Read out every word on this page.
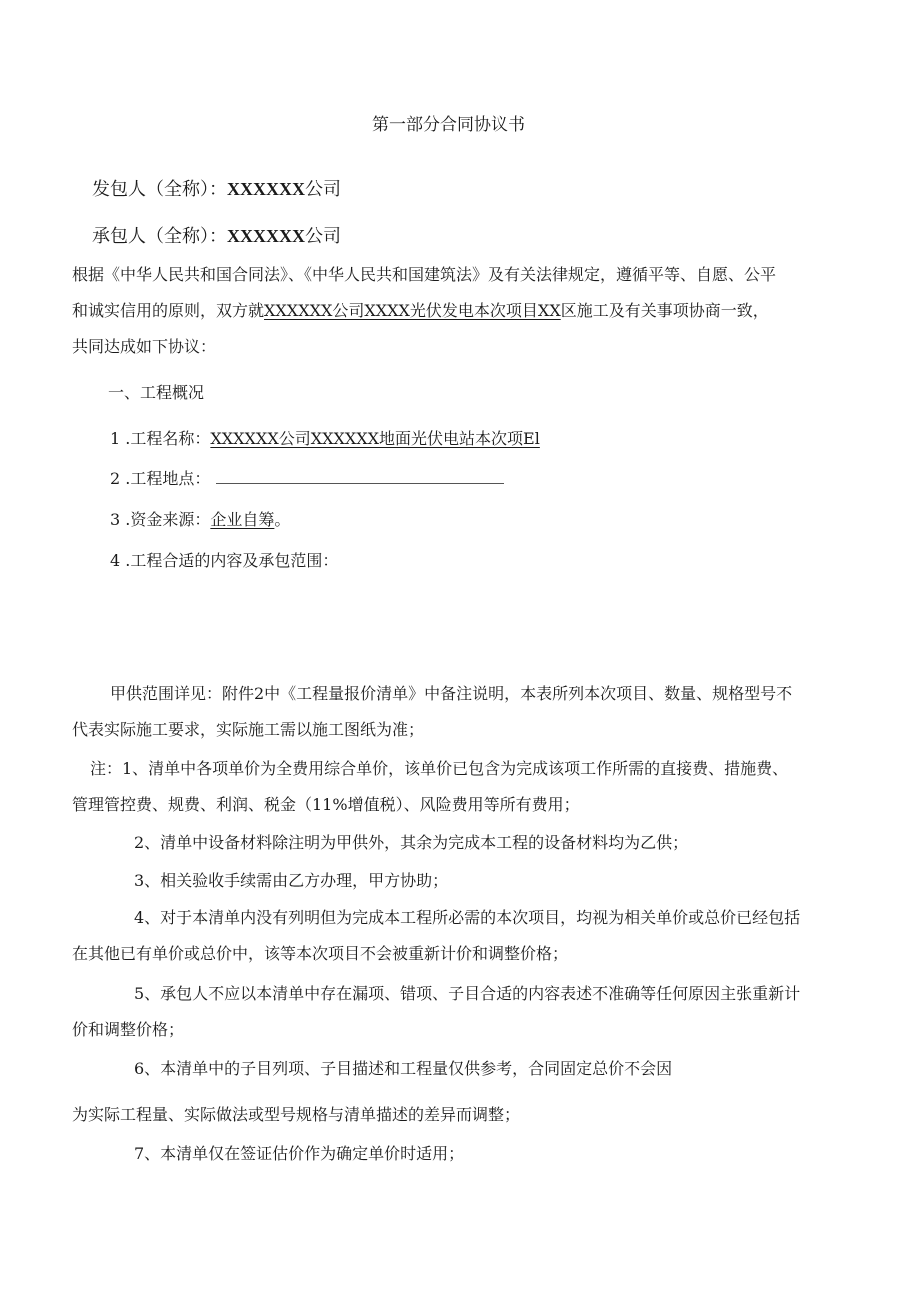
第一部分合同协议书
发包人（全称）：XXXXXX公司
承包人（全称）：XXXXXX公司
根据《中华人民共和国合同法》、《中华人民共和国建筑法》及有关法律规定，遵循平等、自愿、公平
和诚实信用的原则，双方就XXXXXX公司XXXX光伏发电本次项目XX区施工及有关事项协商一致，
共同达成如下协议：
一、工程概况
1 .工程名称：XXXXXX公司XXXXXX地面光伏电站本次项El
2 .工程地点：
3 .资金来源：企业自筹。
4 .工程合适的内容及承包范围：
甲供范围详见：附件2中《工程量报价清单》中备注说明，本表所列本次项目、数量、规格型号不
代表实际施工要求，实际施工需以施工图纸为准；
注：1、清单中各项单价为全费用综合单价，该单价已包含为完成该项工作所需的直接费、措施费、
管理管控费、规费、利润、税金（11%增值税）、风险费用等所有费用；
2、清单中设备材料除注明为甲供外，其余为完成本工程的设备材料均为乙供；
3、相关验收手续需由乙方办理，甲方协助；
4、对于本清单内没有列明但为完成本工程所必需的本次项目，均视为相关单价或总价已经包括
在其他已有单价或总价中，该等本次项目不会被重新计价和调整价格；
5、承包人不应以本清单中存在漏项、错项、子目合适的内容表述不准确等任何原因主张重新计
价和调整价格；
6、本清单中的子目列项、子目描述和工程量仅供参考，合同固定总价不会因
为实际工程量、实际做法或型号规格与清单描述的差异而调整；
7、本清单仅在签证估价作为确定单价时适用；
